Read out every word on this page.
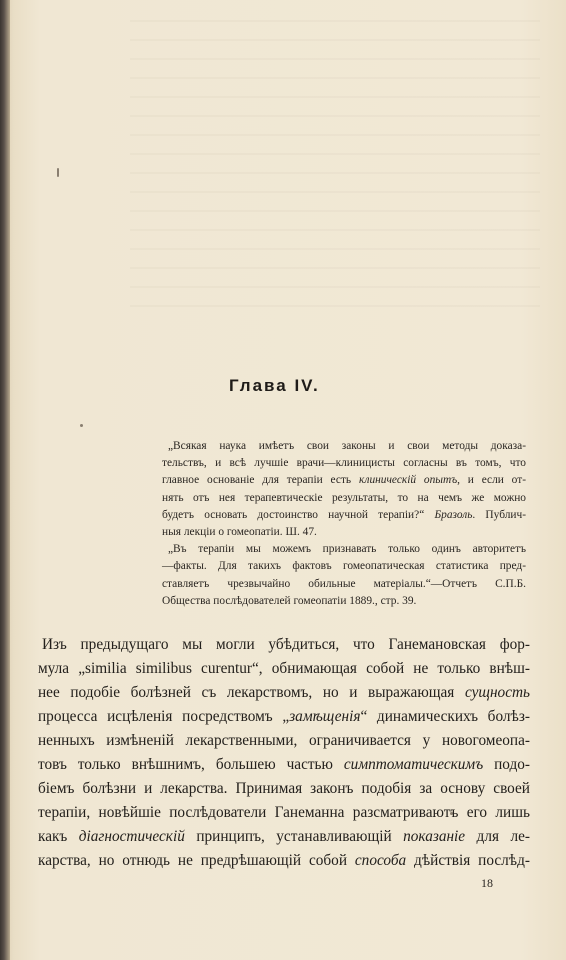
Глава IV.

„Всякая наука имѣетъ свои законы и свои методы доказа-
тельствъ, и всѣ лучшіе врачи—клиницисты согласны въ томъ, что
главное основаніе для терапіи есть клиническій опытъ, и если от-
нять отъ нея терапевтическіе результаты, то на чемъ же можно
будетъ основать достоинство научной терапіи?“ Бразоль. Публич-
ныя лекціи о гомеопатіи. Ш. 47.

„Въ терапіи мы можемъ признавать только одинъ авторитетъ
—факты. Для такихъ фактовъ гомеопатическая статистика пред-
ставляетъ чрезвычайно обильные матеріалы.“—Отчетъ С.П.Б.
Общества послѣдователей гомеопатіи 1889., стр. 39.

Изъ предыдущаго мы могли убѣдиться, что Ганемановская фор-
мула „similia similibus curentur“, обнимающая собой не только внѣш-
нее подобіе болѣзней съ лекарствомъ, но и выражающая сущность
процесса исцѣленія посредствомъ „замѣщенія“ динамическихъ болѣз-
ненныхъ измѣненій лекарственными, ограничивается у новогомеопа-
товъ только внѣшнимъ, большею частью симптоматическимъ подо-
біемъ болѣзни и лекарства. Принимая законъ подобія за основу своей
терапіи, новѣйшіе послѣдователи Ганеманна разсматриваютъ его лишь
какъ діагностическій принципъ, устанавливающій показаніе для ле-
карства, но отнюдь не предрѣшающій собой способа дѣйствія послѣд-
18
